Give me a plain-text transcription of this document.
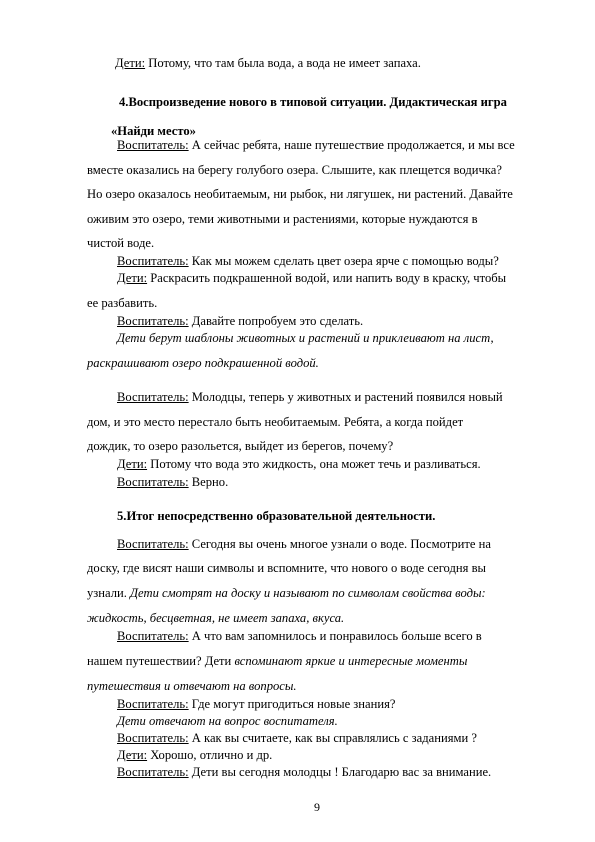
Дети: Потому, что там была вода, а вода не имеет запаха.
4.Воспроизведение нового в типовой ситуации. Дидактическая игра
«Найди место»
Воспитатель: А сейчас ребята, наше путешествие продолжается, и мы все
вместе оказались на берегу голубого озера. Слышите, как плещется водичка?
Но озеро оказалось необитаемым, ни рыбок, ни лягушек, ни растений. Давайте
оживим это озеро, теми животными и растениями, которые нуждаются в
чистой воде.
Воспитатель: Как мы можем сделать цвет озера ярче с помощью воды?
Дети: Раскрасить подкрашенной водой, или напить воду в краску, чтобы
ее разбавить.
Воспитатель: Давайте попробуем это сделать.
Дети берут шаблоны животных и растений и приклеивают на лист,
раскрашивают озеро подкрашенной водой.
Воспитатель: Молодцы, теперь у животных и растений появился новый
дом, и это место перестало быть необитаемым. Ребята, а когда пойдет
дождик, то озеро разольется, выйдет из берегов, почему?
Дети: Потому что вода это жидкость, она может течь и разливаться.
Воспитатель: Верно.
5.Итог непосредственно образовательной деятельности.
Воспитатель: Сегодня вы очень многое узнали о воде. Посмотрите на
доску, где висят наши символы и вспомните, что нового о воде сегодня вы
узнали. Дети смотрят на доску и называют по символам свойства воды:
жидкость, бесцветная, не имеет запаха, вкуса.
Воспитатель: А что вам запомнилось и понравилось больше всего в
нашем путешествии? Дети вспоминают яркие и интересные моменты
путешествия и отвечают на вопросы.
Воспитатель: Где могут пригодиться новые знания?
Дети отвечают на вопрос воспитателя.
Воспитатель: А как вы считаете, как вы справлялись с заданиями ?
Дети: Хорошо, отлично и др.
Воспитатель: Дети вы сегодня молодцы ! Благодарю вас за внимание.
9
